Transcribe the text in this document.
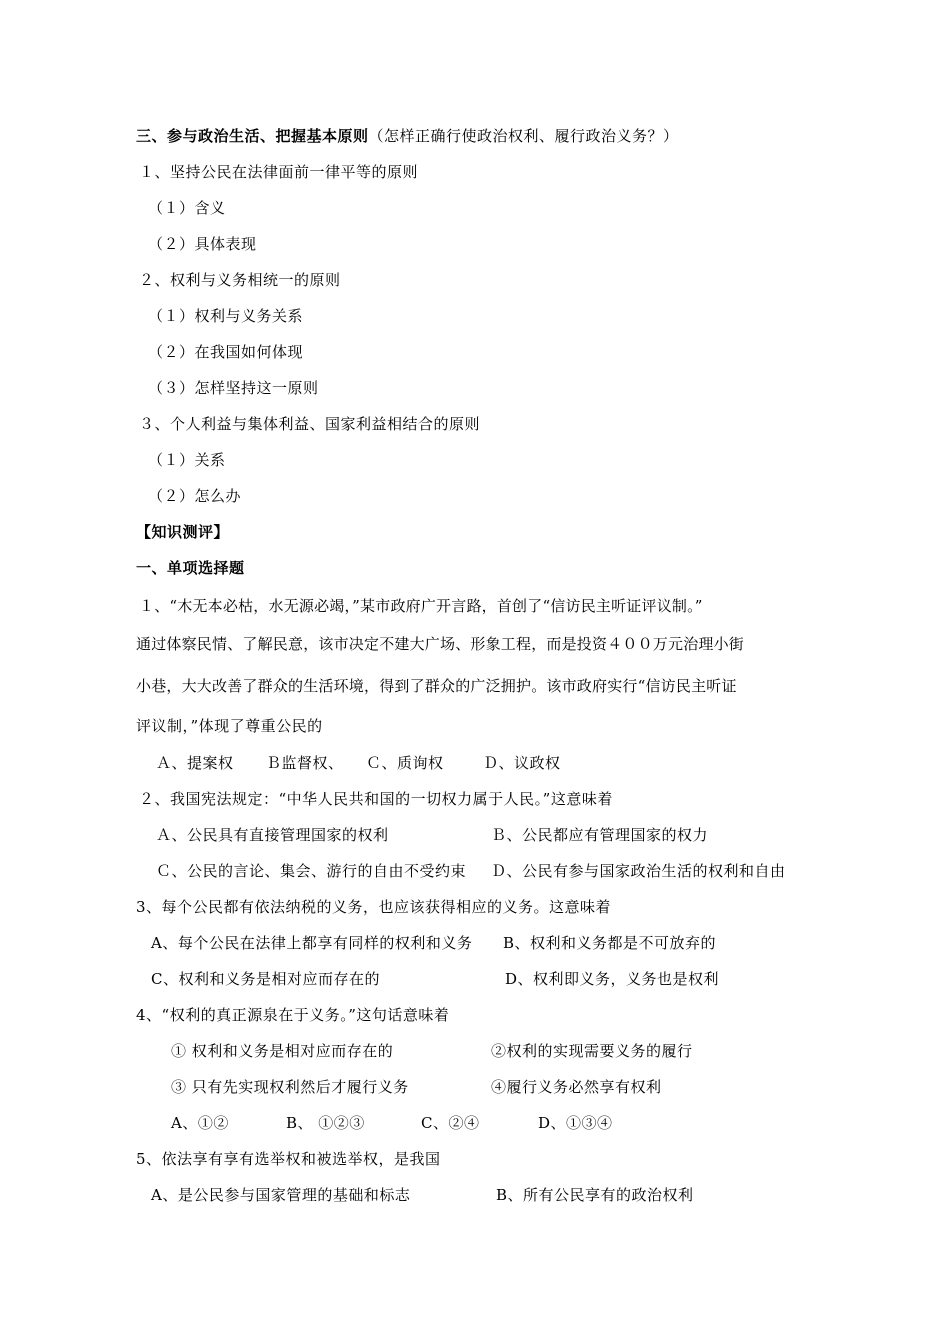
三、参与政治生活、把握基本原则（怎样正确行使政治权利、履行政治义务？）
１、坚持公民在法律面前一律平等的原则
（１）含义
（２）具体表现
２、权利与义务相统一的原则
（１）权利与义务关系
（２）在我国如何体现
（３）怎样坚持这一原则
３、个人利益与集体利益、国家利益相结合的原则
（１）关系
（２）怎么办
【知识测评】
一、单项选择题
１、“木无本必枯，水无源必竭，”某市政府广开言路，首创了“信访民主听证评议制。”
通过体察民情、了解民意，该市决定不建大广场、形象工程，而是投资４００万元治理小街
小巷，大大改善了群众的生活环境，得到了群众的广泛拥护。该市政府实行“信访民主听证
评议制，”体现了尊重公民的
Ａ、提案权 Ｂ监督权、 Ｃ、质询权	Ｄ、议政权
２、我国宪法规定：“中华人民共和国的一切权力属于人民。”这意味着
Ａ、公民具有直接管理国家的权利	Ｂ、公民都应有管理国家的权力
Ｃ、公民的言论、集会、游行的自由不受约束 Ｄ、公民有参与国家政治生活的权利和自由
3、每个公民都有依法纳税的义务，也应该获得相应的义务。这意味着
A、每个公民在法律上都享有同样的权利和义务 B、权利和义务都是不可放弃的
C、权利和义务是相对应而存在的	D、权利即义务，义务也是权利
4、“权利的真正源泉在于义务。”这句话意味着
① 权利和义务是相对应而存在的	②权利的实现需要义务的履行
③ 只有先实现权利然后才履行义务	④履行义务必然享有权利
A、①②	B、 ①②③	C、②④	D、①③④
5、依法享有享有选举权和被选举权，是我国
A、是公民参与国家管理的基础和标志	B、所有公民享有的政治权利
